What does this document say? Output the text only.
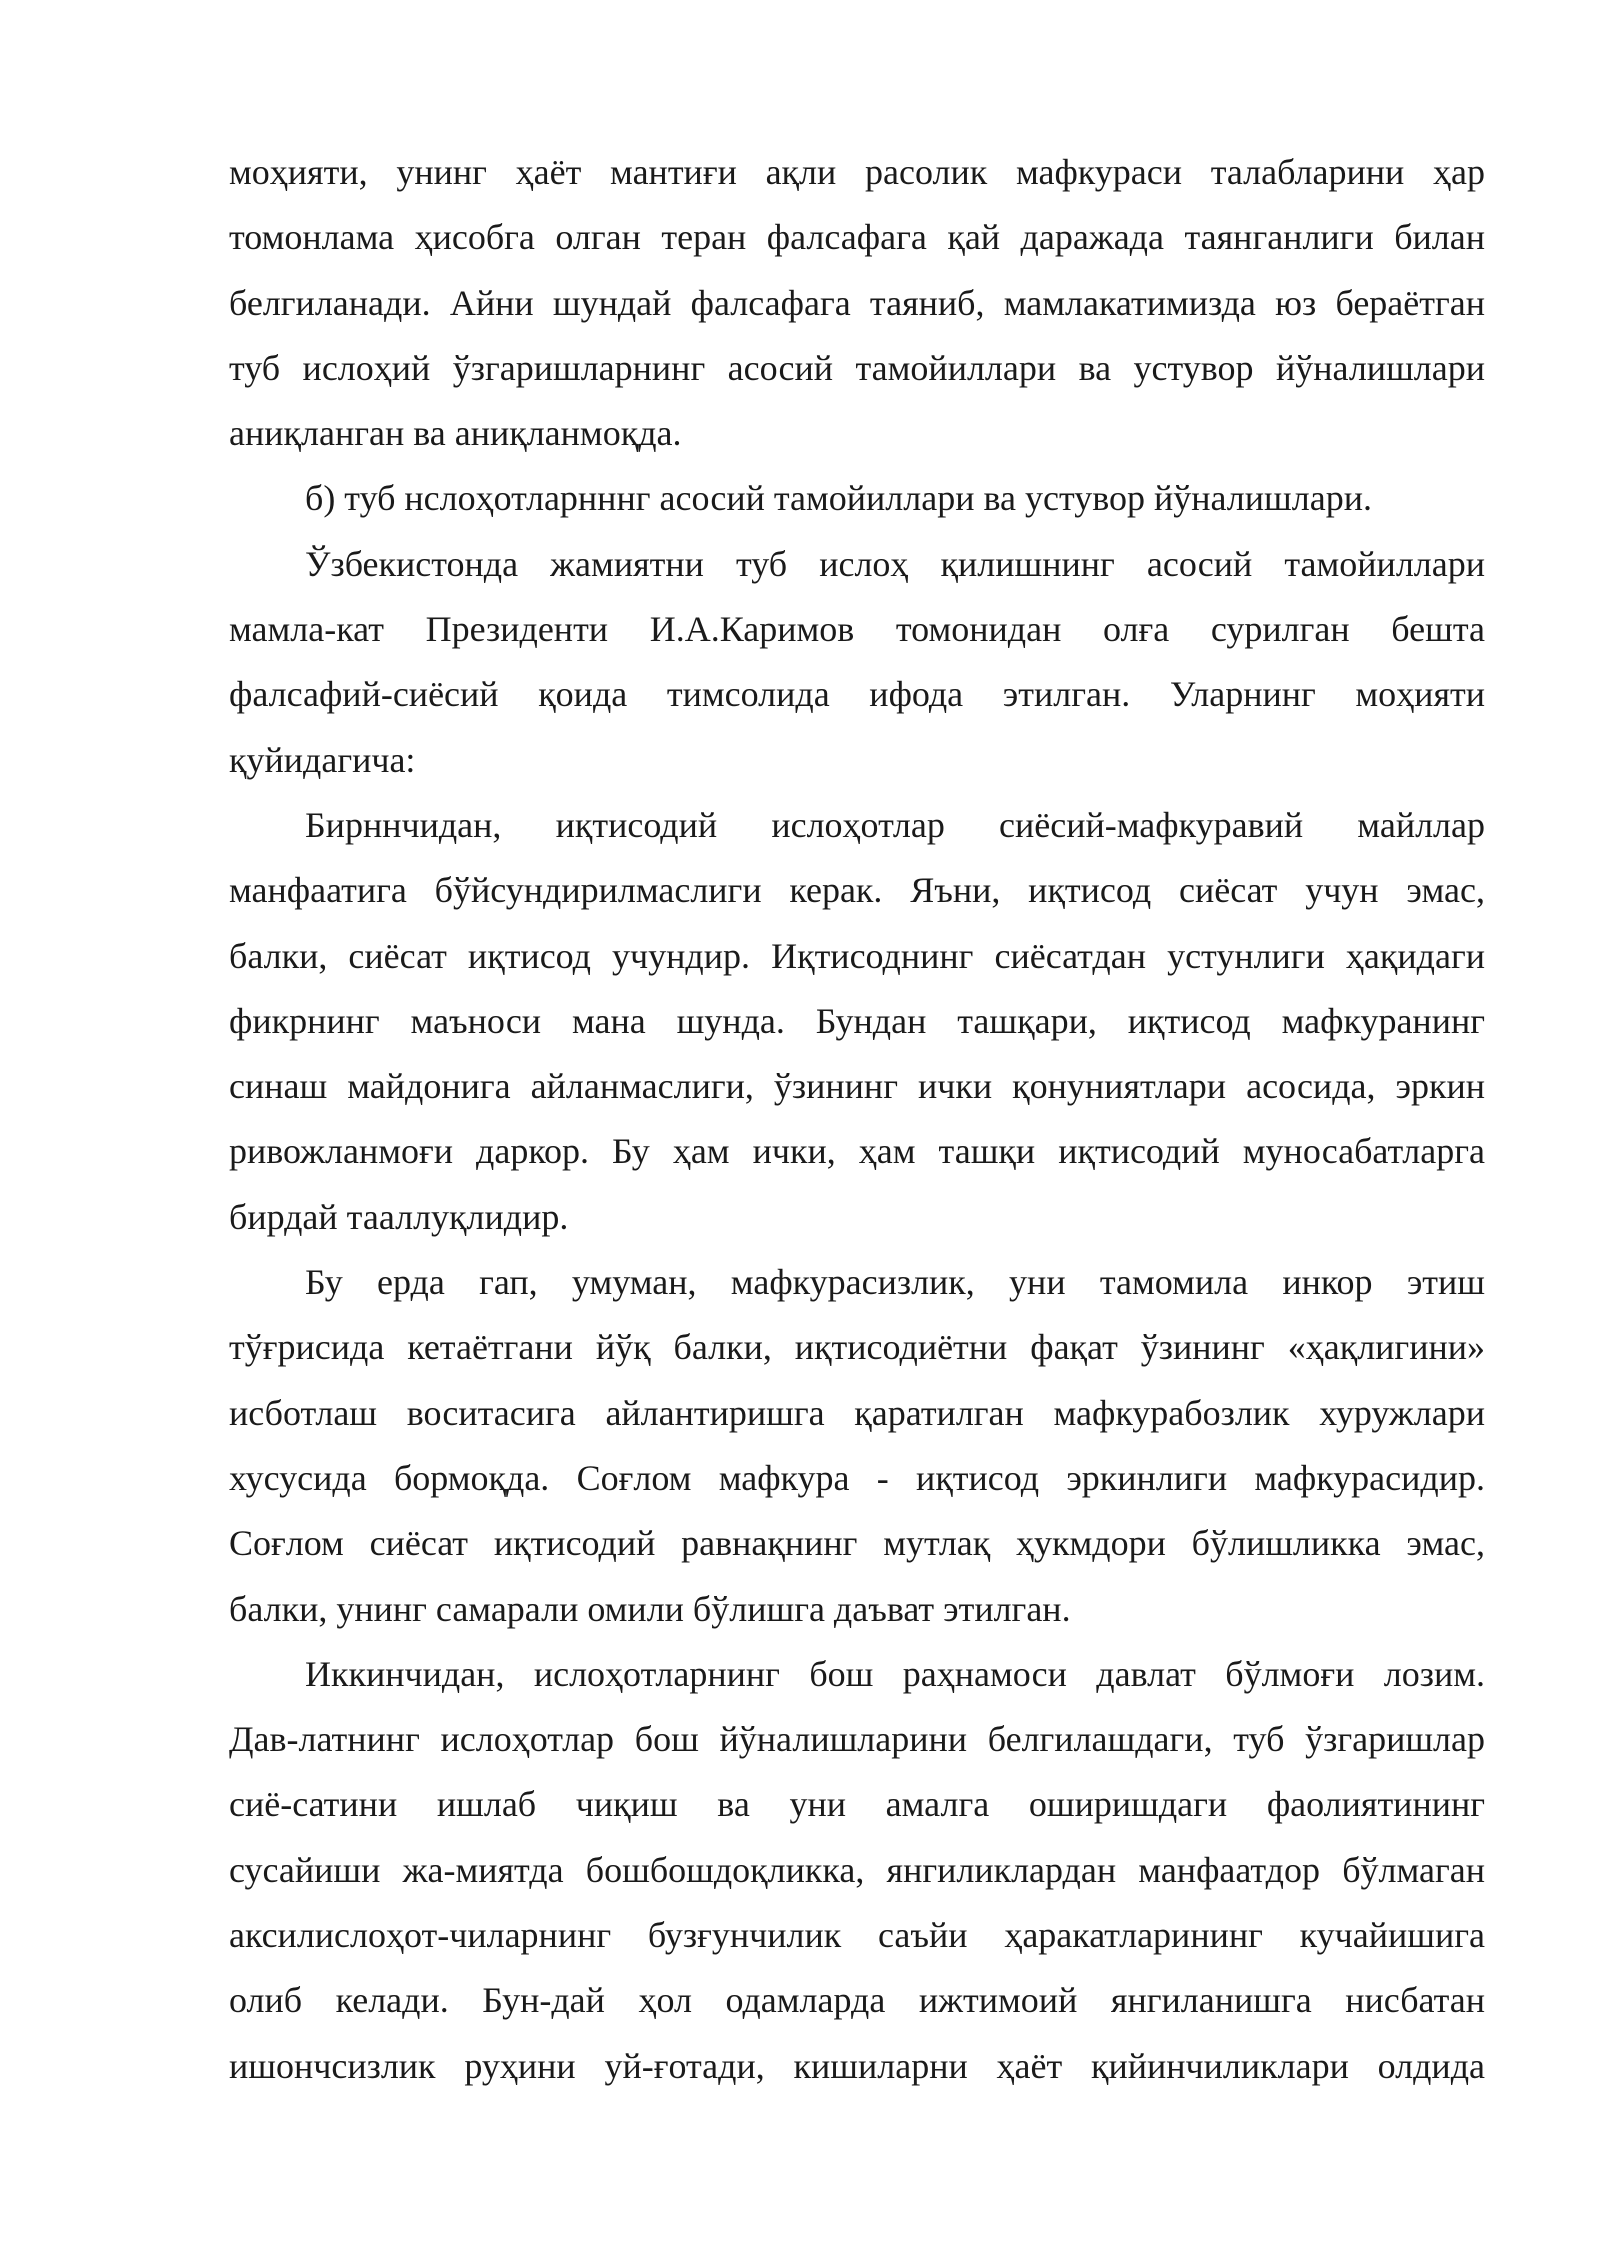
моҳияти, унинг ҳаёт мантиғи ақли расолик мафкураси талабларини ҳар

томонлама ҳисобга олган теран фалсафага қай даражада таянганлиги билан

белгиланади. Айни шундай фалсафага таяниб, мамлакатимизда юз бераётган

туб ислоҳий ўзгаришларнинг асосий тамойиллари ва устувор йўналишлари

аниқланган ва аниқланмоқда.

б) туб нслоҳотларнннг асосий тамойиллари ва устувор йўналишлари.

Ўзбекистонда жамиятни туб ислоҳ қилишнинг асосий тамойиллари

мамла-кат Президенти И.А.Каримов томонидан олға сурилган бешта

фалсафий-сиёсий қоида тимсолида ифода этилган. Уларнинг моҳияти

қуйидагича:

Бирннчидан, иқтисодий ислоҳотлар сиёсий-мафкуравий майллар

манфаатига бўйсундирилмаслиги керак. Яъни, иқтисод сиёсат учун эмас,

балки, сиёсат иқтисод учундир. Иқтисоднинг сиёсатдан устунлиги ҳақидаги

фикрнинг маъноси мана шунда. Бундан ташқари, иқтисод мафкуранинг

синаш майдонига айланмаслиги, ўзининг ички қонуниятлари асосида, эркин

ривожланмоғи даркор. Бу ҳам ички, ҳам ташқи иқтисодий муносабатларга

бирдай тааллуқлидир.

Бу ерда гап, умуман, мафкурасизлик, уни тамомила инкор этиш

тўғрисида кетаётгани йўқ балки, иқтисодиётни фақат ўзининг «ҳақлигини»

исботлаш воситасига айлантиришга қаратилган мафкурабозлик хуружлари

хусусида бормоқда. Соғлом мафкура - иқтисод эркинлиги мафкурасидир.

Соғлом сиёсат иқтисодий равнақнинг мутлақ ҳукмдори бўлишликка эмас,

балки, унинг самарали омили бўлишга даъват этилган.

Иккинчидан, ислоҳотларнинг бош раҳнамоси давлат бўлмоғи лозим.

Дав-латнинг ислоҳотлар бош йўналишларини белгилашдаги, туб ўзгаришлар

сиё-сатини ишлаб чиқиш ва уни амалга оширишдаги фаолиятининг

сусайиши жа-миятда бошбошдоқликка, янгиликлардан манфаатдор бўлмаган

аксилислоҳот-чиларнинг бузғунчилик саъйи ҳаракатларининг кучайишига

олиб келади. Бун-дай ҳол одамларда ижтимоий янгиланишга нисбатан

ишончсизлик руҳини уй-ғотади, кишиларни ҳаёт қийинчиликлари олдида
